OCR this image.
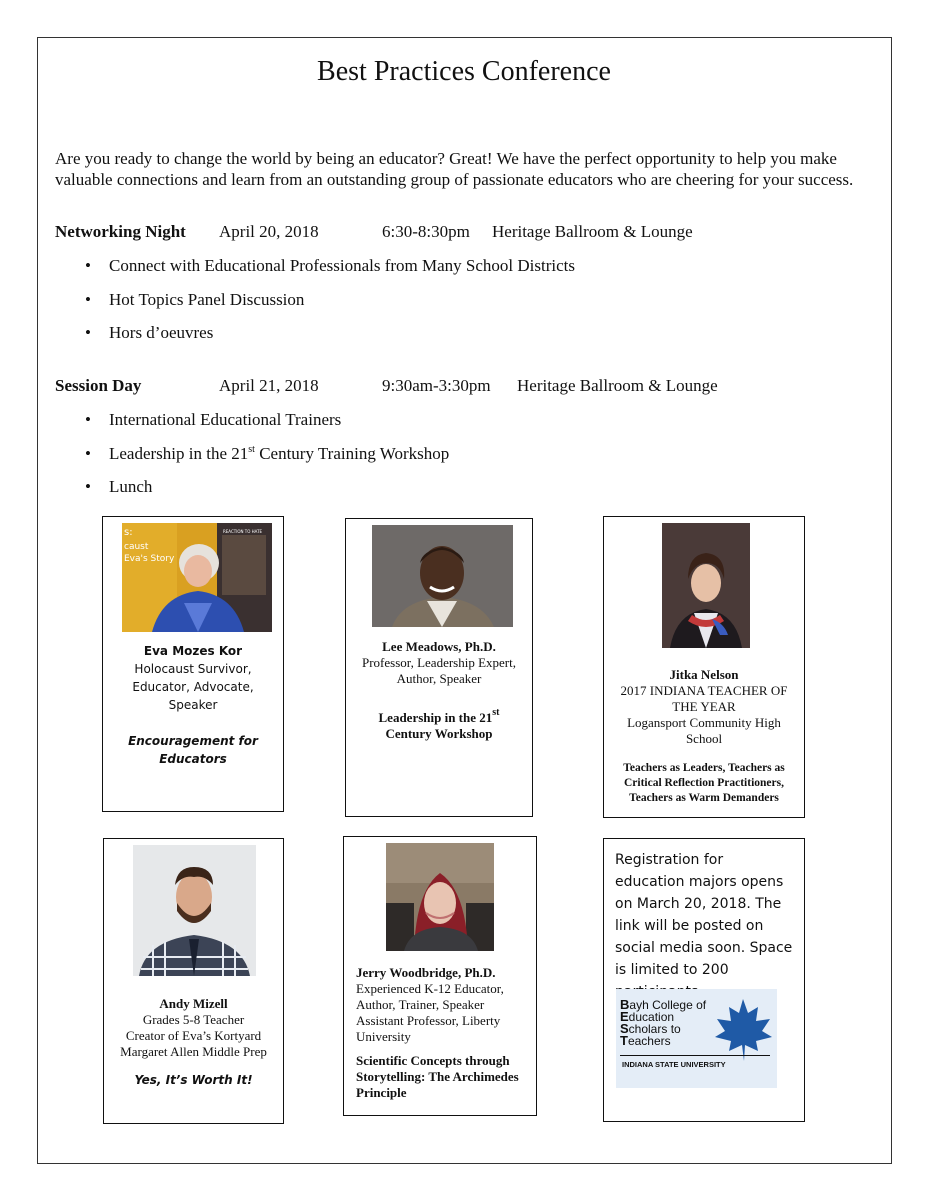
Best Practices Conference
Are you ready to change the world by being an educator? Great! We have the perfect opportunity to help you make valuable connections and learn from an outstanding group of passionate educators who are cheering for your success.
Networking Night April 20, 2018	6:30-8:30pm Heritage Ballroom & Lounge
• Connect with Educational Professionals from Many School Districts
• Hot Topics Panel Discussion
• Hors d’oeuvres
Session Day	April 21, 2018	9:30am-3:30pm Heritage Ballroom & Lounge
• International Educational Trainers
• Leadership in the 21st Century Training Workshop
• Lunch
s:
caust
Eva's Story
REACTION TO HATE
Eva Mozes Kor
Holocaust Survivor,
Educator, Advocate,
Speaker
Encouragement for
Educators
Lee Meadows, Ph.D.
Professor, Leadership Expert,
Author, Speaker
Leadership in the 21st
Century Workshop
Jitka Nelson
2017 INDIANA TEACHER OF
THE YEAR
Logansport Community High
School
Teachers as Leaders, Teachers as
Critical Reflection Practitioners,
Teachers as Warm Demanders
Andy Mizell
Grades 5-8 Teacher
Creator of Eva’s Kortyard
Margaret Allen Middle Prep
Yes, It’s Worth It!
Jerry Woodbridge, Ph.D.
Experienced K-12 Educator,
Author, Trainer, Speaker
Assistant Professor, Liberty
University
Scientific Concepts through
Storytelling: The Archimedes
Principle
Registration for education majors opens on March 20, 2018. The link will be posted on social media soon. Space is limited to 200
Bayh College of
Education
Scholars to
Teachers
INDIANA STATE UNIVERSITY
